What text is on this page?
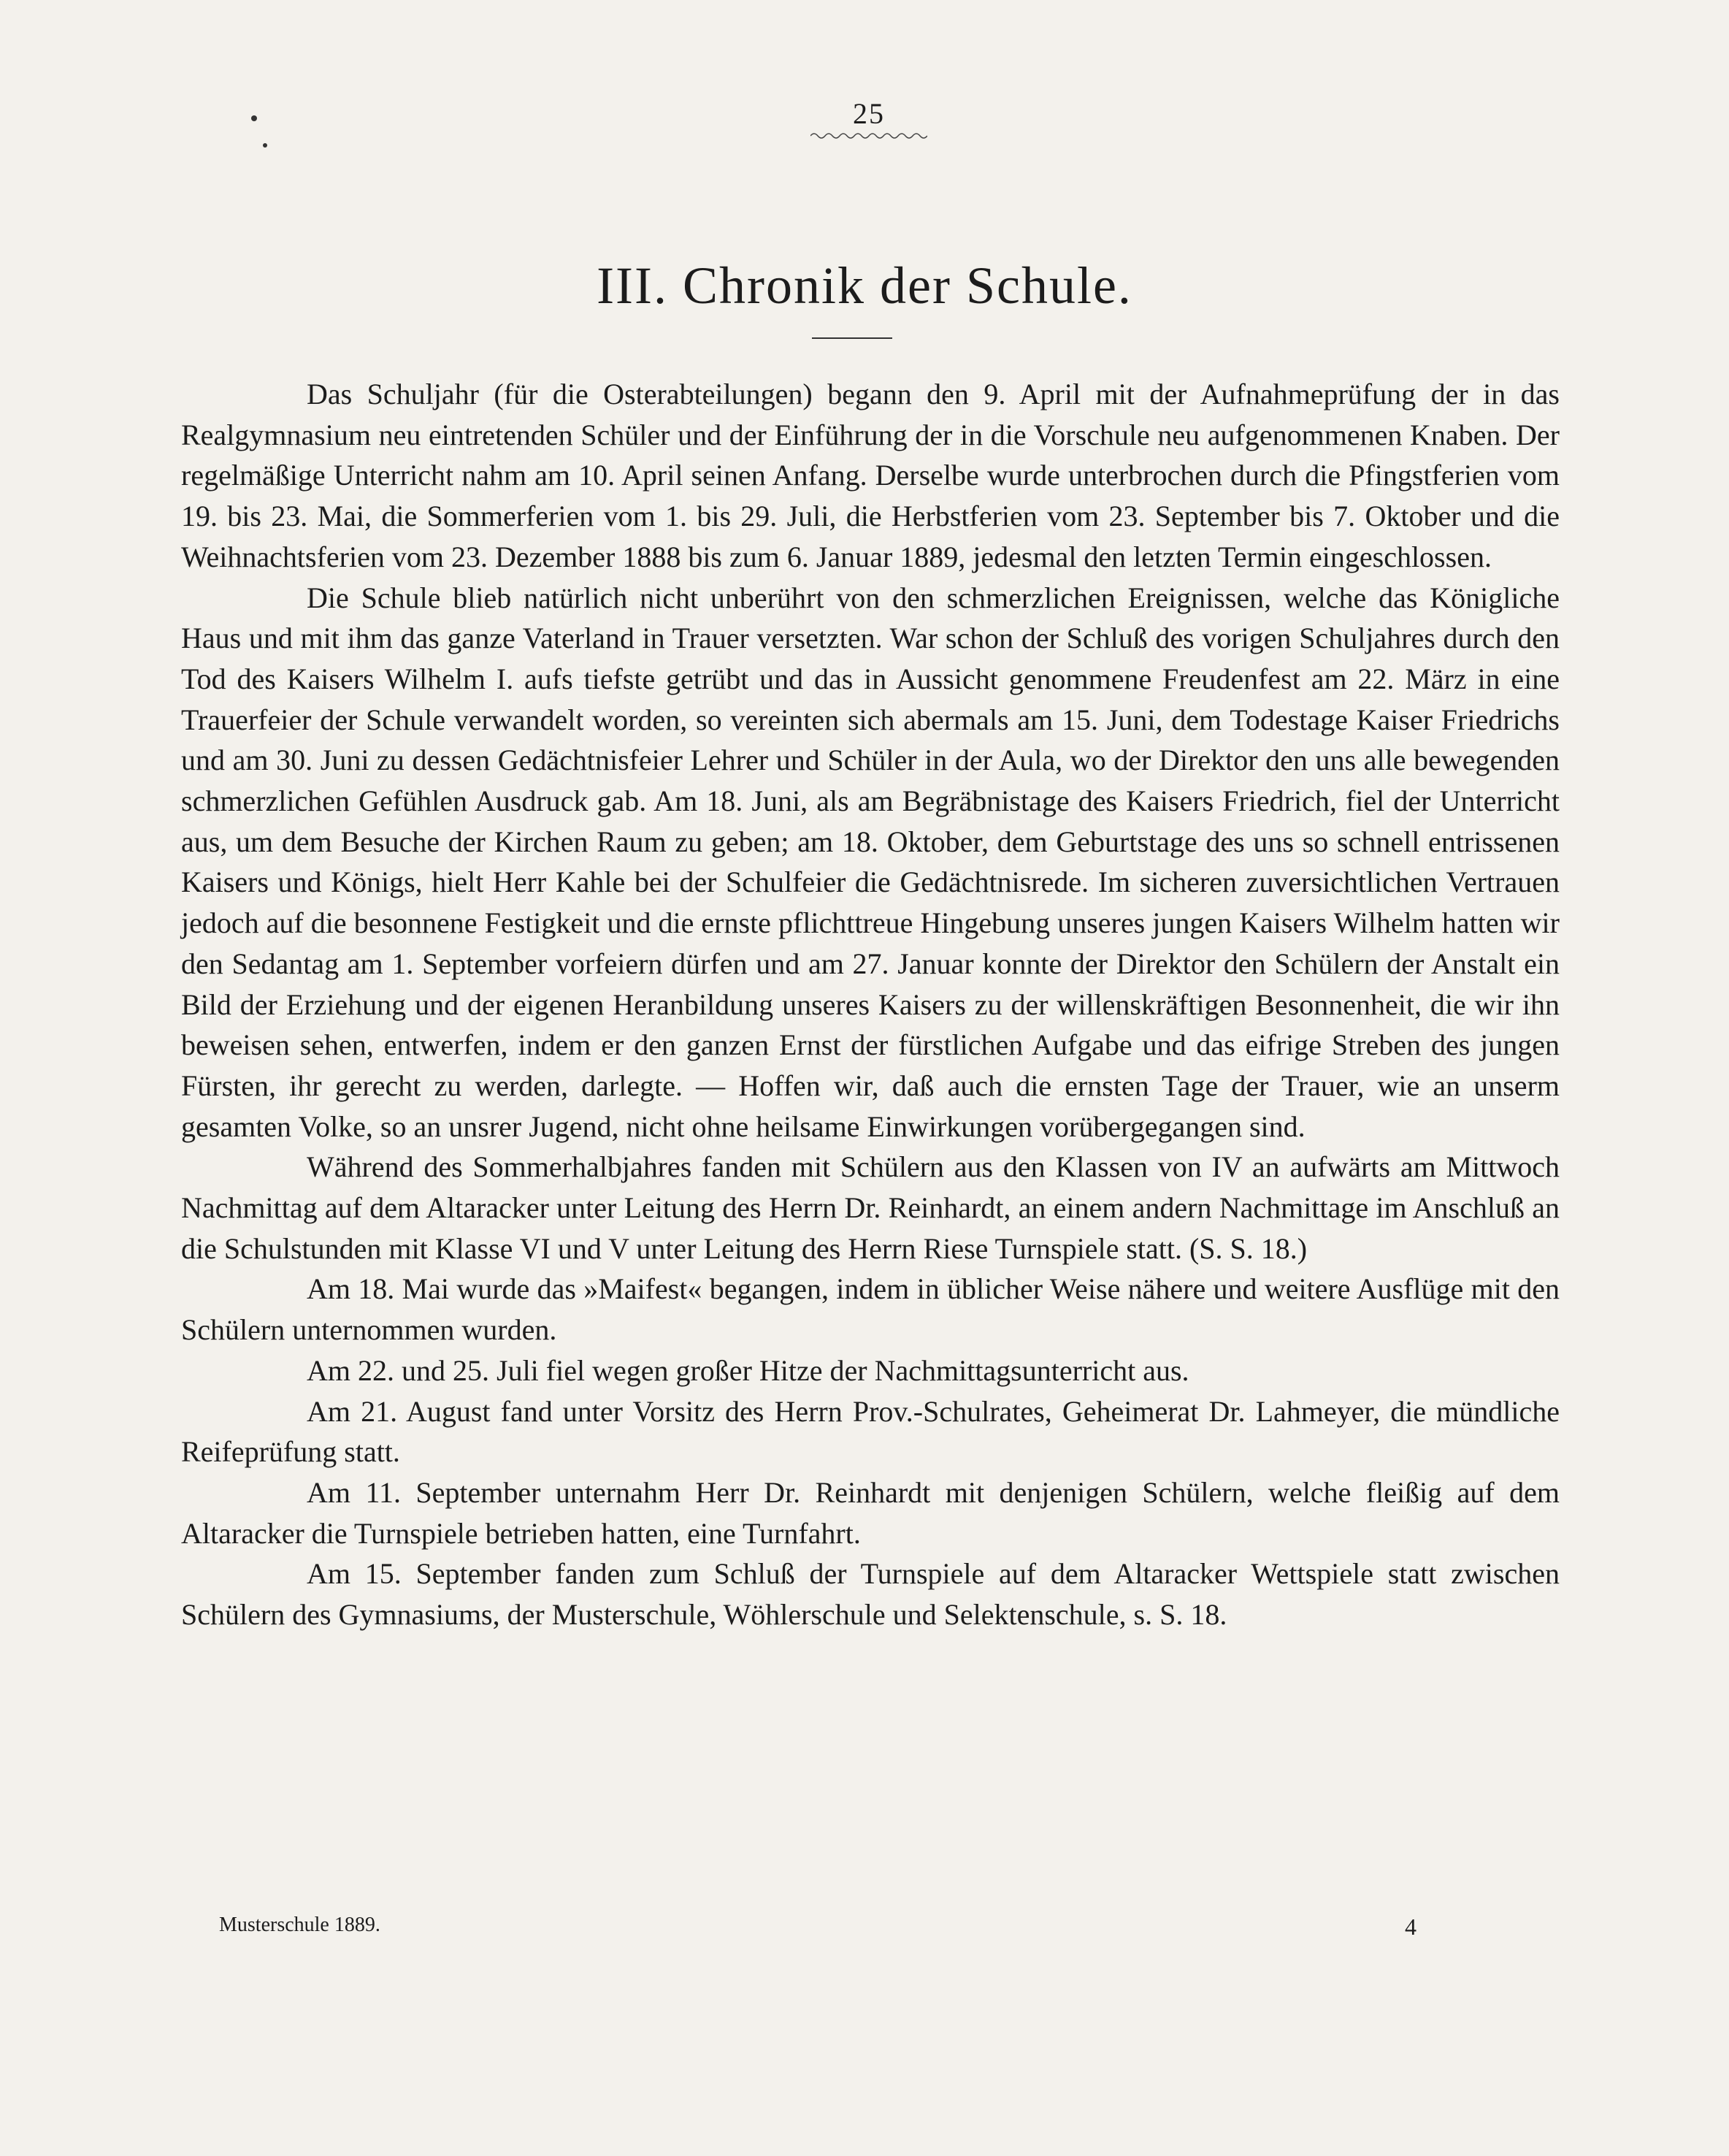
25
III. Chronik der Schule.

Das Schuljahr (für die Osterabteilungen) begann den 9. April mit der Aufnahmeprüfung der in das Realgymnasium neu eintretenden Schüler und der Einführung der in die Vorschule neu aufgenommenen Knaben. Der regelmäßige Unterricht nahm am 10. April seinen Anfang. Derselbe wurde unterbrochen durch die Pfingstferien vom 19. bis 23. Mai, die Sommerferien vom 1. bis 29. Juli, die Herbstferien vom 23. September bis 7. Oktober und die Weihnachtsferien vom 23. Dezember 1888 bis zum 6. Januar 1889, jedesmal den letzten Termin eingeschlossen.

Die Schule blieb natürlich nicht unberührt von den schmerzlichen Ereignissen, welche das Königliche Haus und mit ihm das ganze Vaterland in Trauer versetzten. War schon der Schluß des vorigen Schuljahres durch den Tod des Kaisers Wilhelm I. aufs tiefste getrübt und das in Aussicht genommene Freudenfest am 22. März in eine Trauerfeier der Schule verwandelt worden, so vereinten sich abermals am 15. Juni, dem Todestage Kaiser Friedrichs und am 30. Juni zu dessen Gedächtnisfeier Lehrer und Schüler in der Aula, wo der Direktor den uns alle bewegenden schmerzlichen Gefühlen Ausdruck gab. Am 18. Juni, als am Begräbnistage des Kaisers Friedrich, fiel der Unterricht aus, um dem Besuche der Kirchen Raum zu geben; am 18. Oktober, dem Geburtstage des uns so schnell entrissenen Kaisers und Königs, hielt Herr Kahle bei der Schulfeier die Gedächtnisrede. Im sicheren zuversichtlichen Vertrauen jedoch auf die besonnene Festigkeit und die ernste pflichttreue Hingebung unseres jungen Kaisers Wilhelm hatten wir den Sedantag am 1. September vorfeiern dürfen und am 27. Januar konnte der Direktor den Schülern der Anstalt ein Bild der Erziehung und der eigenen Heranbildung unseres Kaisers zu der willenskräftigen Besonnenheit, die wir ihn beweisen sehen, entwerfen, indem er den ganzen Ernst der fürstlichen Aufgabe und das eifrige Streben des jungen Fürsten, ihr gerecht zu werden, darlegte. — Hoffen wir, daß auch die ernsten Tage der Trauer, wie an unserm gesamten Volke, so an unsrer Jugend, nicht ohne heilsame Einwirkungen vorübergegangen sind.

Während des Sommerhalbjahres fanden mit Schülern aus den Klassen von IV an aufwärts am Mittwoch Nachmittag auf dem Altaracker unter Leitung des Herrn Dr. Reinhardt, an einem andern Nachmittage im Anschluß an die Schulstunden mit Klasse VI und V unter Leitung des Herrn Riese Turnspiele statt. (S. S. 18.)

Am 18. Mai wurde das »Maifest« begangen, indem in üblicher Weise nähere und weitere Ausflüge mit den Schülern unternommen wurden.

Am 22. und 25. Juli fiel wegen großer Hitze der Nachmittagsunterricht aus.

Am 21. August fand unter Vorsitz des Herrn Prov.-Schulrates, Geheimerat Dr. Lahmeyer, die mündliche Reifeprüfung statt.

Am 11. September unternahm Herr Dr. Reinhardt mit denjenigen Schülern, welche fleißig auf dem Altaracker die Turnspiele betrieben hatten, eine Turnfahrt.

Am 15. September fanden zum Schluß der Turnspiele auf dem Altaracker Wettspiele statt zwischen Schülern des Gymnasiums, der Musterschule, Wöhlerschule und Selektenschule, s. S. 18.

Musterschule 1889.	4
